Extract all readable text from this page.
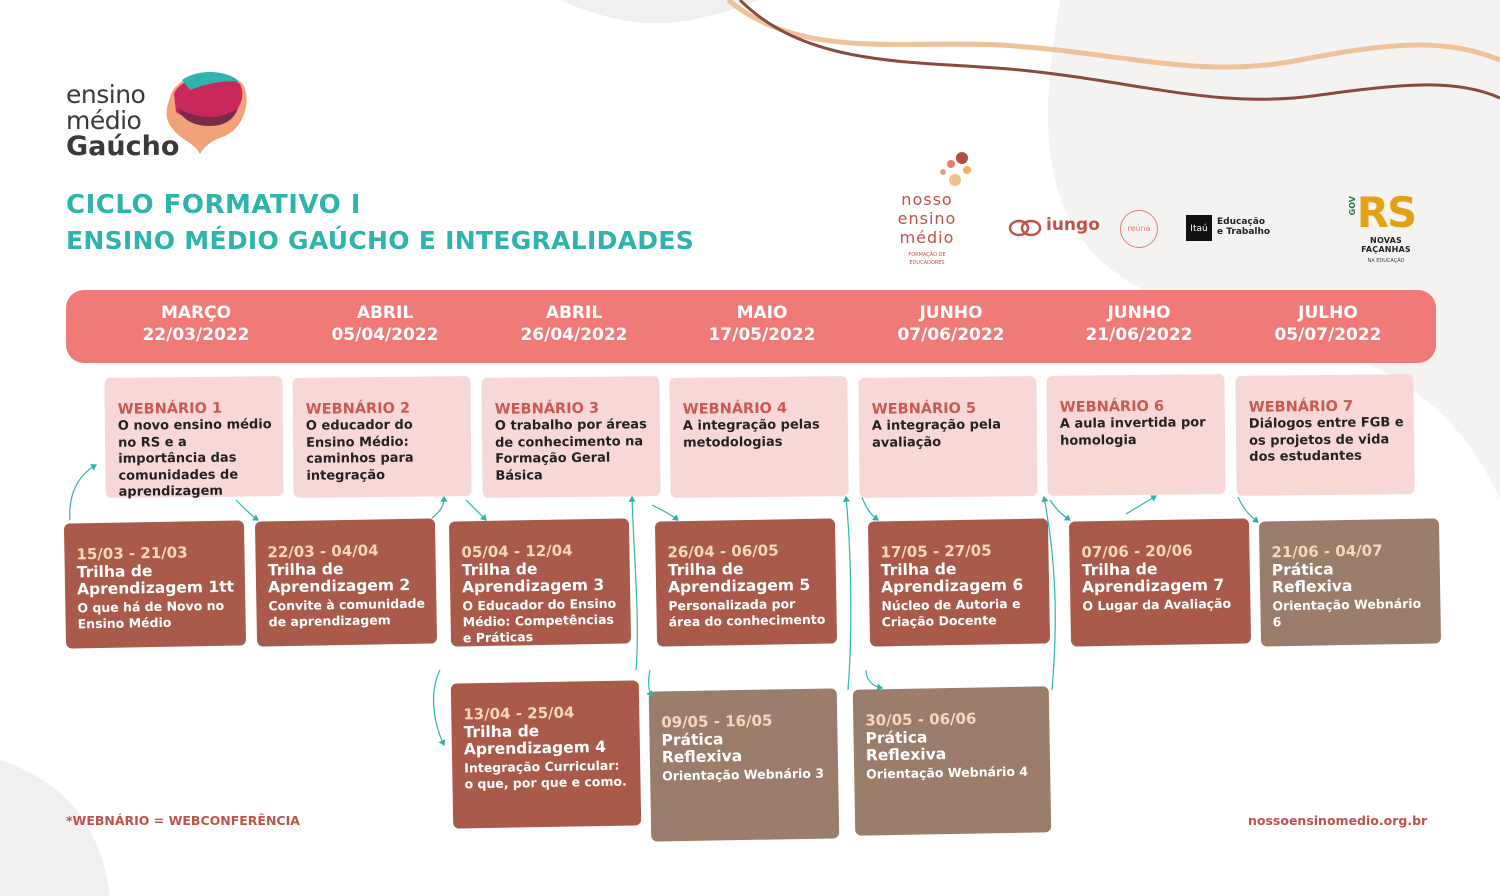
ensino
médio
Gaúcho
CICLO FORMATIVO I
ENSINO MÉDIO GAÚCHO E INTEGRALIDADES
nosso
ensino
médio
FORMAÇÃO DE EDUCADORES
iungo	reúna	Itaú
Educação
e Trabalho
GOV RS
NOVAS FAÇANHAS
NA EDUCAÇÃO
MARÇO
22/03/2022
ABRIL
05/04/2022
ABRIL
26/04/2022
MAIO
17/05/2022
JUNHO
07/06/2022
JUNHO
21/06/2022
JULHO
05/07/2022
WEBNÁRIO 1
O novo ensino médio no RS e a importância das comunidades de aprendizagem
WEBNÁRIO 2
O educador do Ensino Médio: caminhos para integração
WEBNÁRIO 3
O trabalho por áreas de conhecimento na Formação Geral Básica
WEBNÁRIO 4
A integração pelas metodologias
WEBNÁRIO 5
A integração pela avaliação
WEBNÁRIO 6
A aula invertida por homologia
WEBNÁRIO 7
Diálogos entre FGB e os projetos de vida dos estudantes
15/03 - 21/03
Trilha de Aprendizagem 1tt
O que há de Novo no Ensino Médio
22/03 - 04/04
Trilha de Aprendizagem 2
Convite à comunidade de aprendizagem
05/04 - 12/04
Trilha de Aprendizagem 3
O Educador do Ensino Médio: Competências e Práticas
26/04 - 06/05
Trilha de Aprendizagem 5
Personalizada por área do conhecimento
17/05 - 27/05
Trilha de Aprendizagem 6
Núcleo de Autoria e Criação Docente
07/06 - 20/06
Trilha de Aprendizagem 7
O Lugar da Avaliação
21/06 - 04/07
Prática Reflexiva
Orientação Webnário 6
13/04 - 25/04
Trilha de Aprendizagem 4
Integração Curricular: o que, por que e como.
09/05 - 16/05
Prática Reflexiva
Orientação Webnário 3
30/05 - 06/06
Prática Reflexiva
Orientação Webnário 4
*WEBNÁRIO = WEBCONFERÊNCIA	nossoensinomedio.org.br
